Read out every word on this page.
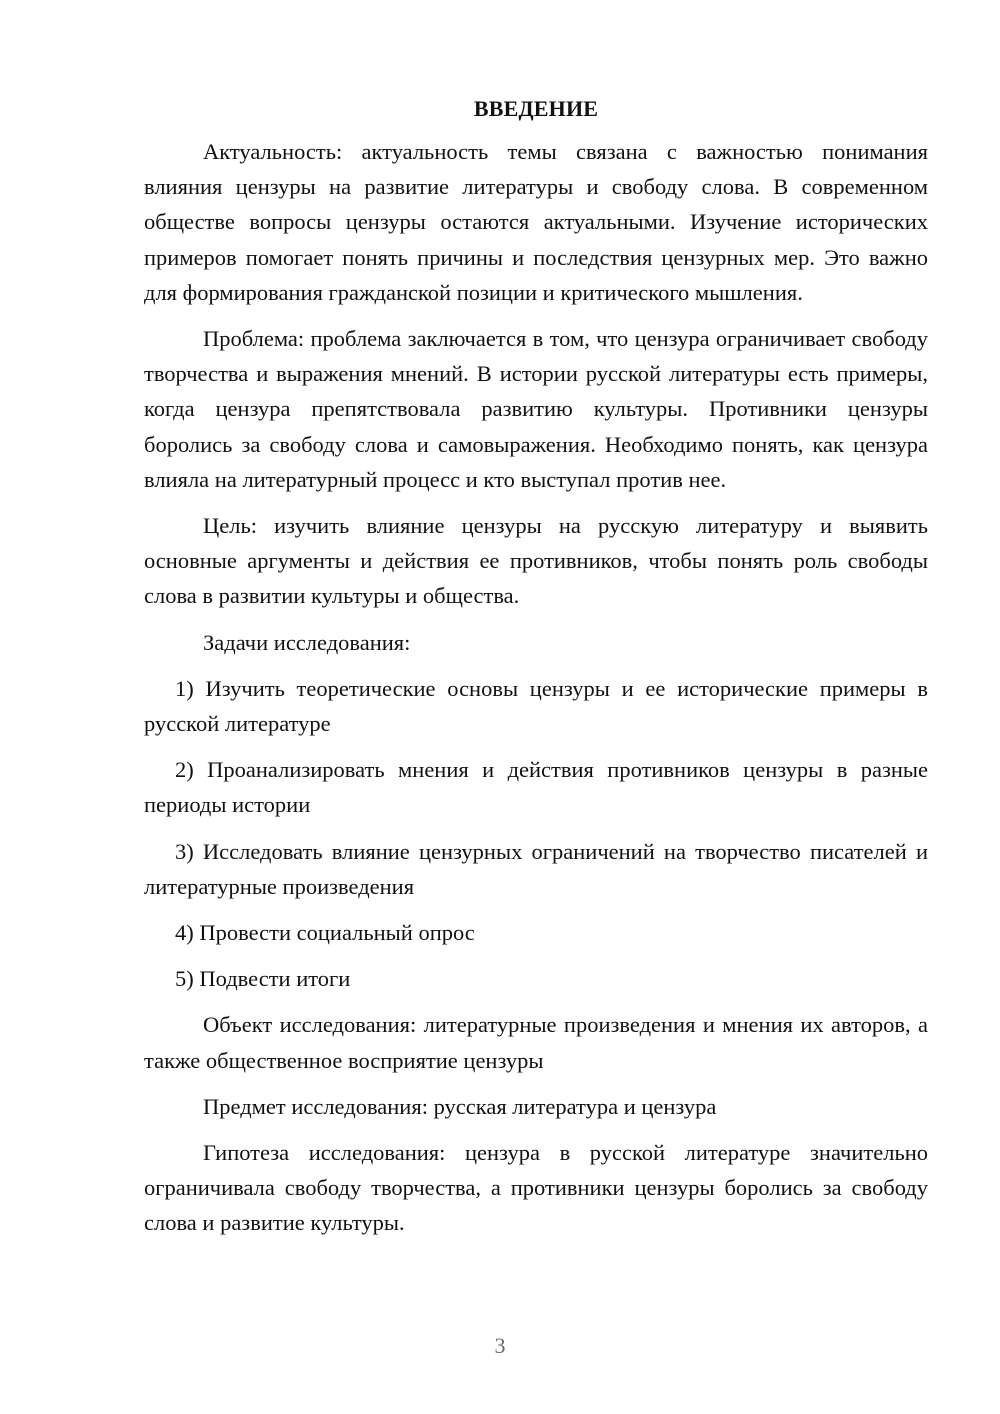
ВВЕДЕНИЕ

Актуальность: актуальность темы связана с важностью понимания влияния цензуры на развитие литературы и свободу слова. В современном обществе вопросы цензуры остаются актуальными. Изучение исторических примеров помогает понять причины и последствия цензурных мер. Это важно для формирования гражданской позиции и критического мышления.

Проблема: проблема заключается в том, что цензура ограничивает свободу творчества и выражения мнений. В истории русской литературы есть примеры, когда цензура препятствовала развитию культуры. Противники цензуры боролись за свободу слова и самовыражения. Необходимо понять, как цензура влияла на литературный процесс и кто выступал против нее.

Цель: изучить влияние цензуры на русскую литературу и выявить основные аргументы и действия ее противников, чтобы понять роль свободы слова в развитии культуры и общества.

Задачи исследования:

1) Изучить теоретические основы цензуры и ее исторические примеры в русской литературе

2) Проанализировать мнения и действия противников цензуры в разные периоды истории

3) Исследовать влияние цензурных ограничений на творчество писателей и литературные произведения

4) Провести социальный опрос

5) Подвести итоги

Объект исследования: литературные произведения и мнения их авторов, а также общественное восприятие цензуры

Предмет исследования: русская литература и цензура

Гипотеза исследования: цензура в русской литературе значительно ограничивала свободу творчества, а противники цензуры боролись за свободу слова и развитие культуры.

3
